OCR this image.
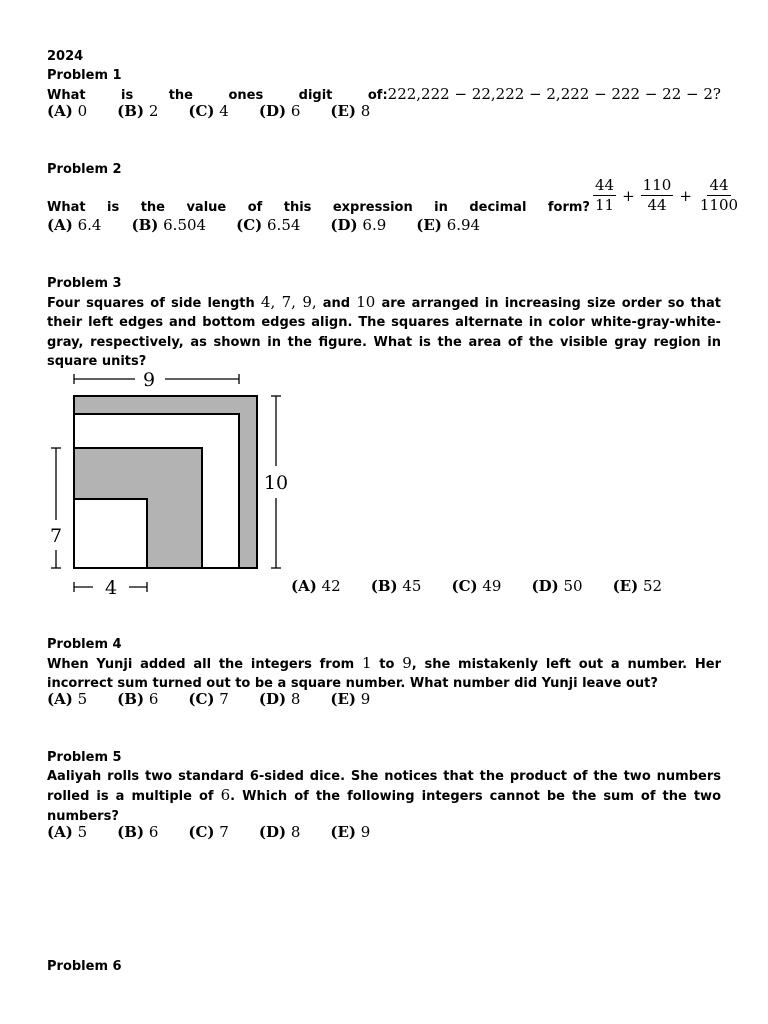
2024
Problem 1
What	is	the	ones	digit	of:222,222 − 22,222 − 2,222 − 222 − 22 − 2?
(A) 0 (B) 2 (C) 4 (D) 6 (E) 8
Problem 2
What is the value of this expression in decimal form? $\frac{44}{11} + \frac{110}{44} + \frac{44}{1100}$
(A) 6.4 (B) 6.504 (C) 6.54 (D) 6.9 (E) 6.94
Problem 3
Four squares of side length 4, 7, 9, and 10 are arranged in increasing size order so that their left edges and bottom edges align. The squares alternate in color white-gray-white-gray, respectively, as shown in the figure. What is the area of the visible gray region in square units?
9
10
7
4	(A) 42 (B) 45 (C) 49 (D) 50 (E) 52
Problem 4
When Yunji added all the integers from 1 to 9, she mistakenly left out a number. Her incorrect sum turned out to be a square number. What number did Yunji leave out?
(A) 5 (B) 6 (C) 7 (D) 8 (E) 9
Problem 5
Aaliyah rolls two standard 6-sided dice. She notices that the product of the two numbers rolled is a multiple of 6. Which of the following integers cannot be the sum of the two numbers?
(A) 5 (B) 6 (C) 7 (D) 8 (E) 9
Problem 6
